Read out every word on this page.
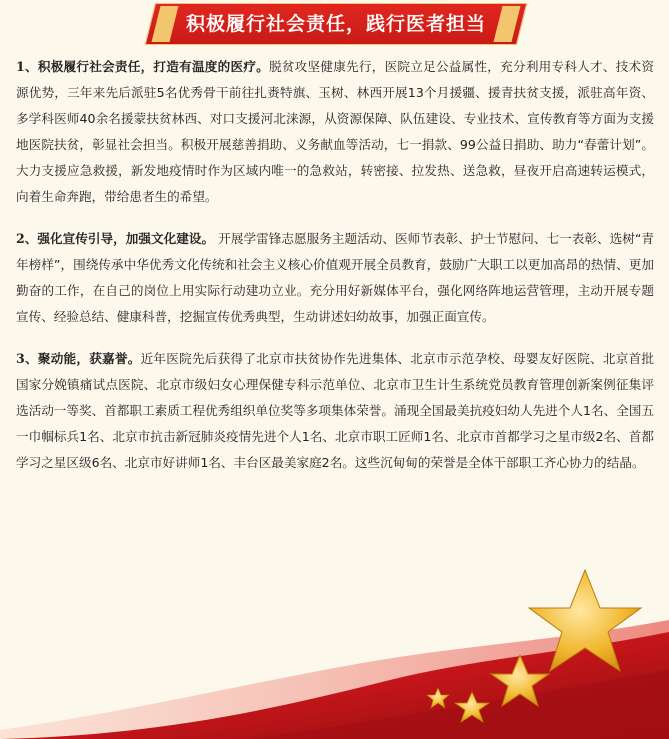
积极履行社会责任，践行医者担当

1、积极履行社会责任，打造有温度的医疗。脱贫攻坚健康先行，医院立足公益属性，充分利用专科人才、技术资源优势，三年来先后派驻5名优秀骨干前往扎赉特旗、玉树、林西开展13个月援疆、援青扶贫支援，派驻高年资、多学科医师40余名援蒙扶贫林西、对口支援河北涞源，从资源保障、队伍建设、专业技术、宣传教育等方面为支援地医院扶贫，彰显社会担当。积极开展慈善捐助、义务献血等活动，七一捐款、99公益日捐助、助力“春蕾计划”。大力支援应急救援，新发地疫情时作为区域内唯一的急救站，转密接、拉发热、送急救，昼夜开启高速转运模式，向着生命奔跑，带给患者生的希望。

2、强化宣传引导，加强文化建设。 开展学雷锋志愿服务主题活动、医师节表彰、护士节慰问、七一表彰、选树“青年榜样”，围绕传承中华优秀文化传统和社会主义核心价值观开展全员教育，鼓励广大职工以更加高昂的热情、更加勤奋的工作，在自己的岗位上用实际行动建功立业。充分用好新媒体平台，强化网络阵地运营管理，主动开展专题宣传、经验总结、健康科普，挖掘宣传优秀典型，生动讲述妇幼故事，加强正面宣传。

3、聚动能，获嘉誉。近年医院先后获得了北京市扶贫协作先进集体、北京市示范孕校、母婴友好医院、北京首批国家分娩镇痛试点医院、北京市级妇女心理保健专科示范单位、北京市卫生计生系统党员教育管理创新案例征集评选活动一等奖、首都职工素质工程优秀组织单位奖等多项集体荣誉。涌现全国最美抗疫妇幼人先进个人1名、全国五一巾帼标兵1名、北京市抗击新冠肺炎疫情先进个人1名、北京市职工匠师1名、北京市首都学习之星市级2名、首都学习之星区级6名、北京市好讲师1名、丰台区最美家庭2名。这些沉甸甸的荣誉是全体干部职工齐心协力的结晶。
